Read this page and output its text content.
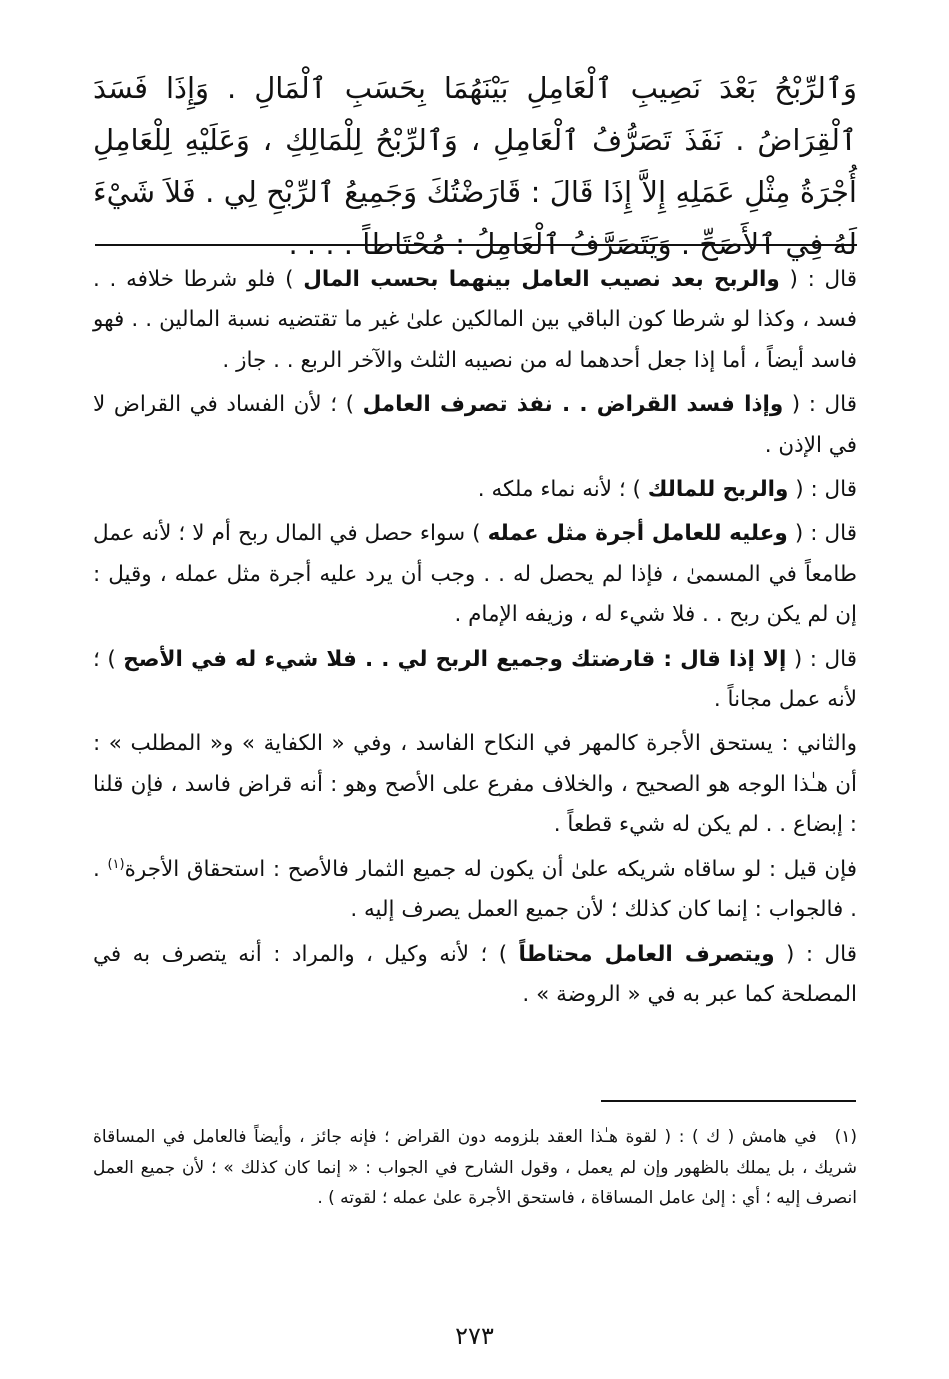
وَٱلرِّبْحُ بَعْدَ نَصِيبِ ٱلْعَامِلِ بَيْنَهُمَا بِحَسَبِ ٱلْمَالِ . وَإِذَا فَسَدَ ٱلْقِرَاضُ . نَفَذَ تَصَرُّفُ ٱلْعَامِلِ ، وَٱلرِّبْحُ لِلْمَالِكِ ، وَعَلَيْهِ لِلْعَامِلِ أُجْرَةُ مِثْلِ عَمَلِهِ إِلاَّ إِذَا قَالَ : قَارَضْتُكَ وَجَمِيعُ ٱلرِّبْحِ لِي . فَلاَ شَيْءَ لَهُ فِي ٱلأَصَحِّ . وَيَتَصَرَّفُ ٱلْعَامِلُ : مُحْتَاطاً . . . .

قال : ( والربح بعد نصيب العامل بينهما بحسب المال ) فلو شرطا خلافه . . فسد ، وكذا لو شرطا كون الباقي بين المالكين علىٰ غير ما تقتضيه نسبة المالين . . فهو فاسد أيضاً ، أما إذا جعل أحدهما له من نصيبه الثلث والآخر الربع . . جاز .

قال : ( وإذا فسد القراض . . نفذ تصرف العامل ) ؛ لأن الفساد في القراض لا في الإذن .

قال : ( والربح للمالك ) ؛ لأنه نماء ملكه .

قال : ( وعليه للعامل أجرة مثل عمله ) سواء حصل في المال ربح أم لا ؛ لأنه عمل طامعاً في المسمىٰ ، فإذا لم يحصل له . . وجب أن يرد عليه أجرة مثل عمله ، وقيل : إن لم يكن ربح . . فلا شيء له ، وزيفه الإمام .

قال : ( إلا إذا قال : قارضتك وجميع الربح لي . . فلا شيء له في الأصح ) ؛ لأنه عمل مجاناً .

والثاني : يستحق الأجرة كالمهر في النكاح الفاسد ، وفي « الكفاية » و« المطلب » : أن هـٰذا الوجه هو الصحيح ، والخلاف مفرع على الأصح وهو : أنه قراض فاسد ، فإن قلنا : إبضاع . . لم يكن له شيء قطعاً .

فإن قيل : لو ساقاه شريكه علىٰ أن يكون له جميع الثمار فالأصح : استحقاق الأجرة$^{(١)}$ . . فالجواب : إنما كان كذلك ؛ لأن جميع العمل يصرف إليه .

قال : ( ويتصرف العامل محتاطاً ) ؛ لأنه وكيل ، والمراد : أنه يتصرف به في المصلحة كما عبر به في « الروضة » .

(١)في هامش ( ك ) : ( لقوة هـٰذا العقد بلزومه دون القراض ؛ فإنه جائز ، وأيضاً فالعامل في المساقاة شريك ، بل يملك بالظهور وإن لم يعمل ، وقول الشارح في الجواب : « إنما كان كذلك » ؛ لأن جميع العمل انصرف إليه ؛ أي : إلىٰ عامل المساقاة ، فاستحق الأجرة علىٰ عمله ؛ لقوته ) .

٢٧٣
